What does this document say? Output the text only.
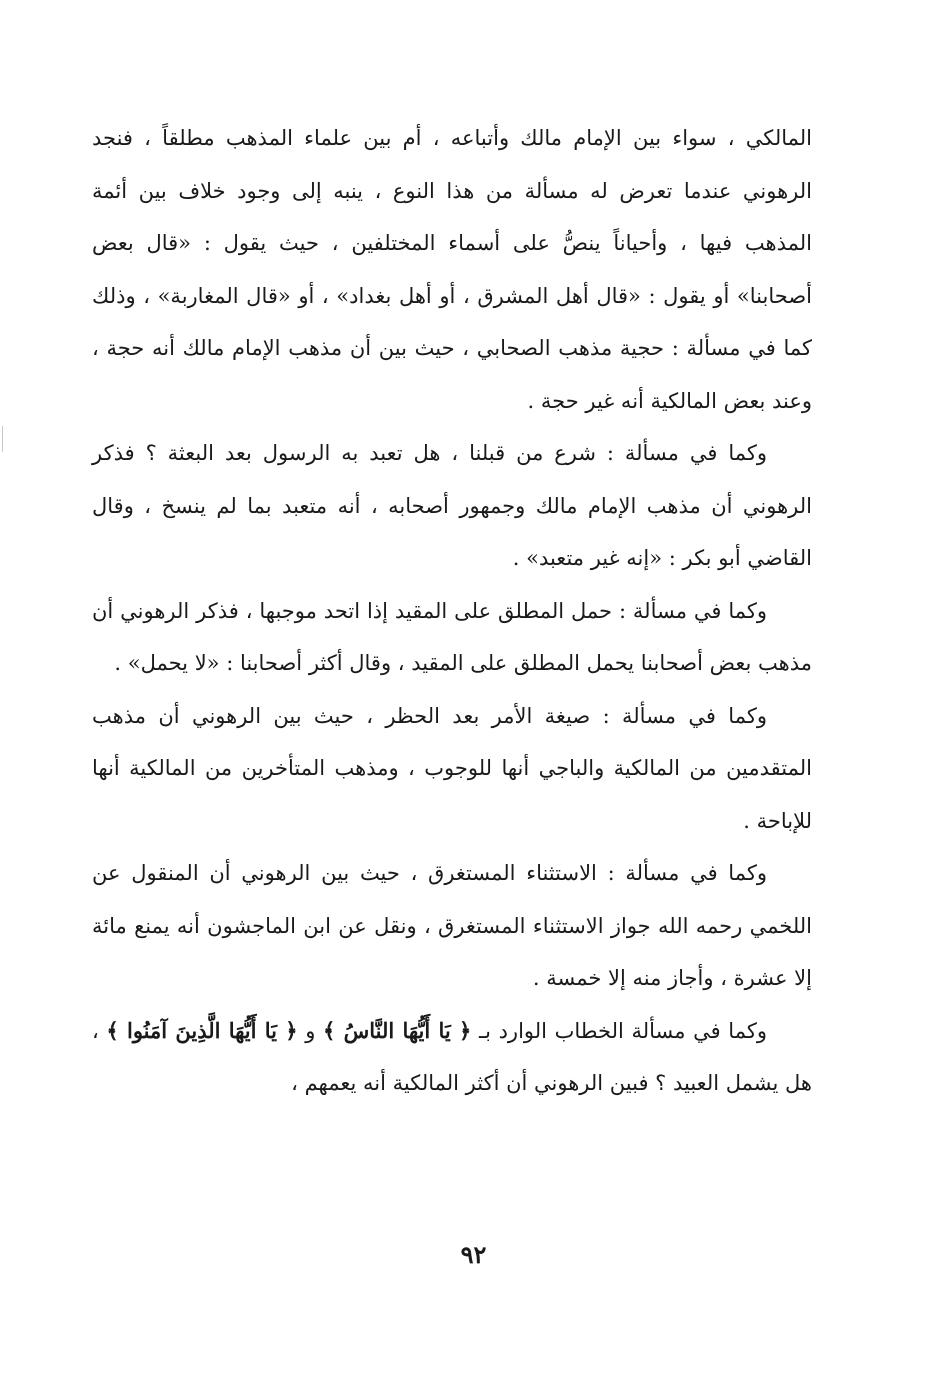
المالكي ، سواء بين الإمام مالك وأتباعه ، أم بين علماء المذهب مطلقاً ، فنجد الرهوني عندما تعرض له مسألة من هذا النوع ، ينبه إلى وجود خلاف بين أئمة المذهب فيها ، وأحياناً ينصُّ على أسماء المختلفين ، حيث يقول : «قال بعض أصحابنا» أو يقول : «قال أهل المشرق ، أو أهل بغداد» ، أو «قال المغاربة» ، وذلك كما في مسألة : حجية مذهب الصحابي ، حيث بين أن مذهب الإمام مالك أنه حجة ، وعند بعض المالكية أنه غير حجة .

وكما في مسألة : شرع من قبلنا ، هل تعبد به الرسول بعد البعثة ؟ فذكر الرهوني أن مذهب الإمام مالك وجمهور أصحابه ، أنه متعبد بما لم ينسخ ، وقال القاضي أبو بكر : «إنه غير متعبد» .

وكما في مسألة : حمل المطلق على المقيد إذا اتحد موجبها ، فذكر الرهوني أن مذهب بعض أصحابنا يحمل المطلق على المقيد ، وقال أكثر أصحابنا : «لا يحمل» .

وكما في مسألة : صيغة الأمر بعد الحظر ، حيث بين الرهوني أن مذهب المتقدمين من المالكية والباجي أنها للوجوب ، ومذهب المتأخرين من المالكية أنها للإباحة .

وكما في مسألة : الاستثناء المستغرق ، حيث بين الرهوني أن المنقول عن اللخمي رحمه الله جواز الاستثناء المستغرق ، ونقل عن ابن الماجشون أنه يمنع مائة إلا عشرة ، وأجاز منه إلا خمسة .

وكما في مسألة الخطاب الوارد بـ ﴿ يَا أَيُّهَا النَّاسُ ﴾ و ﴿ يَا أَيُّهَا الَّذِينَ آمَنُوا ﴾ ، هل يشمل العبيد ؟ فبين الرهوني أن أكثر المالكية أنه يعمهم ،

٩٢
